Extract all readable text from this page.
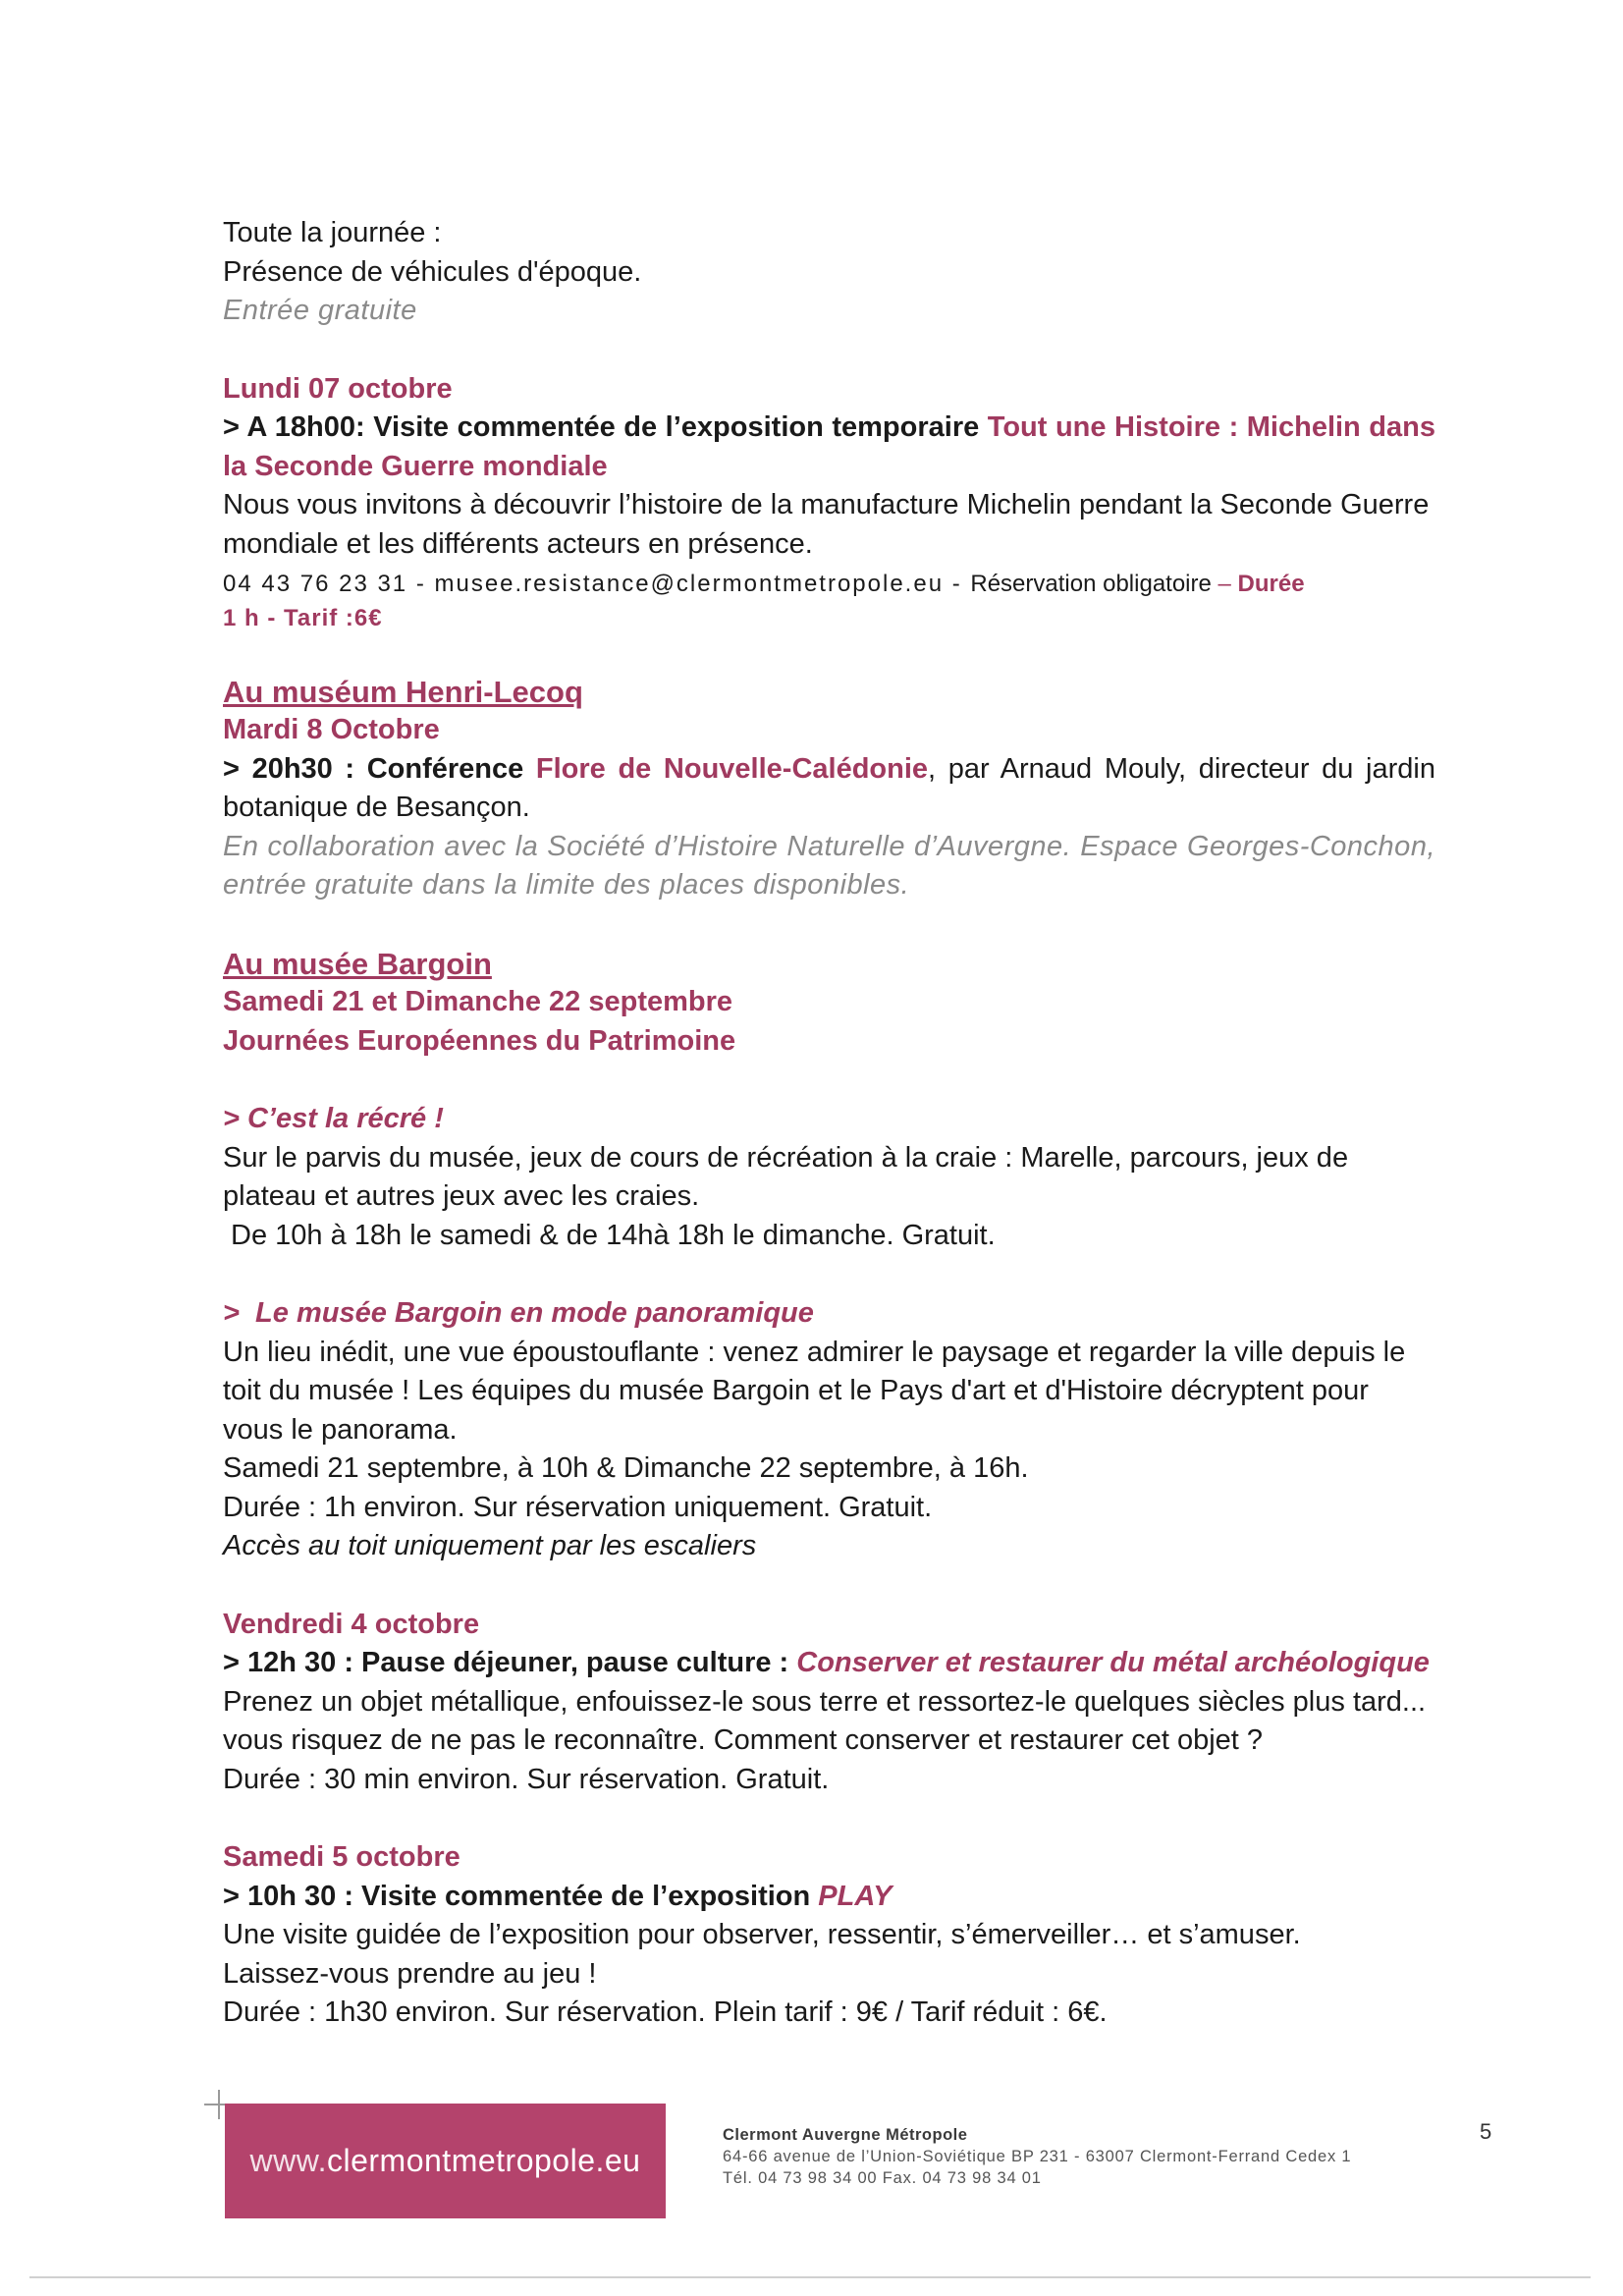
Toute la journée :

Présence de véhicules d'époque.

Entrée gratuite

Lundi 07 octobre

> A 18h00: Visite commentée de l’exposition temporaire Tout une Histoire : Michelin dans la Seconde Guerre mondiale

Nous vous invitons à découvrir l’histoire de la manufacture Michelin pendant la Seconde Guerre mondiale et les différents acteurs en présence.

04 43 76 23 31 - musee.resistance@clermontmetropole.eu - Réservation obligatoire – Durée

1 h - Tarif :6€

Au muséum Henri-Lecoq

Mardi 8 Octobre

> 20h30 : Conférence Flore de Nouvelle-Calédonie, par Arnaud Mouly, directeur du jardin botanique de Besançon.

En collaboration avec la Société d’Histoire Naturelle d’Auvergne. Espace Georges-Conchon, entrée gratuite dans la limite des places disponibles.

Au musée Bargoin

Samedi 21 et Dimanche 22 septembre

Journées Européennes du Patrimoine

> C’est la récré !

Sur le parvis du musée, jeux de cours de récréation à la craie : Marelle, parcours, jeux de plateau et autres jeux avec les craies.

De 10h à 18h le samedi & de 14hà 18h le dimanche. Gratuit.

>  Le musée Bargoin en mode panoramique

Un lieu inédit, une vue époustouflante : venez admirer le paysage et regarder la ville depuis le toit du musée ! Les équipes du musée Bargoin et le Pays d'art et d'Histoire décryptent pour vous le panorama.

Samedi 21 septembre, à 10h & Dimanche 22 septembre, à 16h.

Durée : 1h environ. Sur réservation uniquement. Gratuit.

Accès au toit uniquement par les escaliers

Vendredi 4 octobre

> 12h 30 : Pause déjeuner, pause culture : Conserver et restaurer du métal archéologique

Prenez un objet métallique, enfouissez-le sous terre et ressortez-le quelques siècles plus tard... vous risquez de ne pas le reconnaître. Comment conserver et restaurer cet objet ?

Durée : 30 min environ. Sur réservation. Gratuit.

Samedi 5 octobre

> 10h 30 : Visite commentée de l’exposition PLAY

Une visite guidée de l’exposition pour observer, ressentir, s’émerveiller… et s’amuser.

Laissez-vous prendre au jeu !

Durée : 1h30 environ. Sur réservation. Plein tarif : 9€ / Tarif réduit : 6€.

www. clermontmetropole.eu
Clermont Auvergne Métropole
64-66 avenue de l’Union-Soviétique BP 231 - 63007 Clermont-Ferrand Cedex 1
Tél. 04 73 98 34 00 Fax. 04 73 98 34 01
5
